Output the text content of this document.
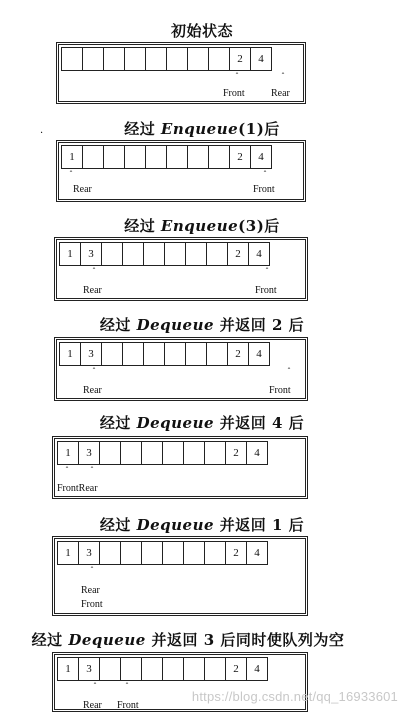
初始状态
经过 Enqueue(1)后
经过 Enqueue(3)后
经过 Dequeue 并返回 2 后
经过 Dequeue 并返回 4 后
经过 Dequeue 并返回 1 后
经过 Dequeue 并返回 3 后同时使队列为空
·
2	4
ˆ
Front
ˆ
Rear
1	2	4
ˆ
Rear
ˆ
Front
1	3	2	4
ˆ
Rear
ˆ
Front
1	3	2	4
ˆ
Rear
ˆ
Front
1	3	2	4
ˆ	ˆ
FrontRear
1	3	2	4
ˆ
Rear
Front
1	3	2	4
ˆ
Rear
ˆ
Front
https://blog.csdn.net/qq_16933601
